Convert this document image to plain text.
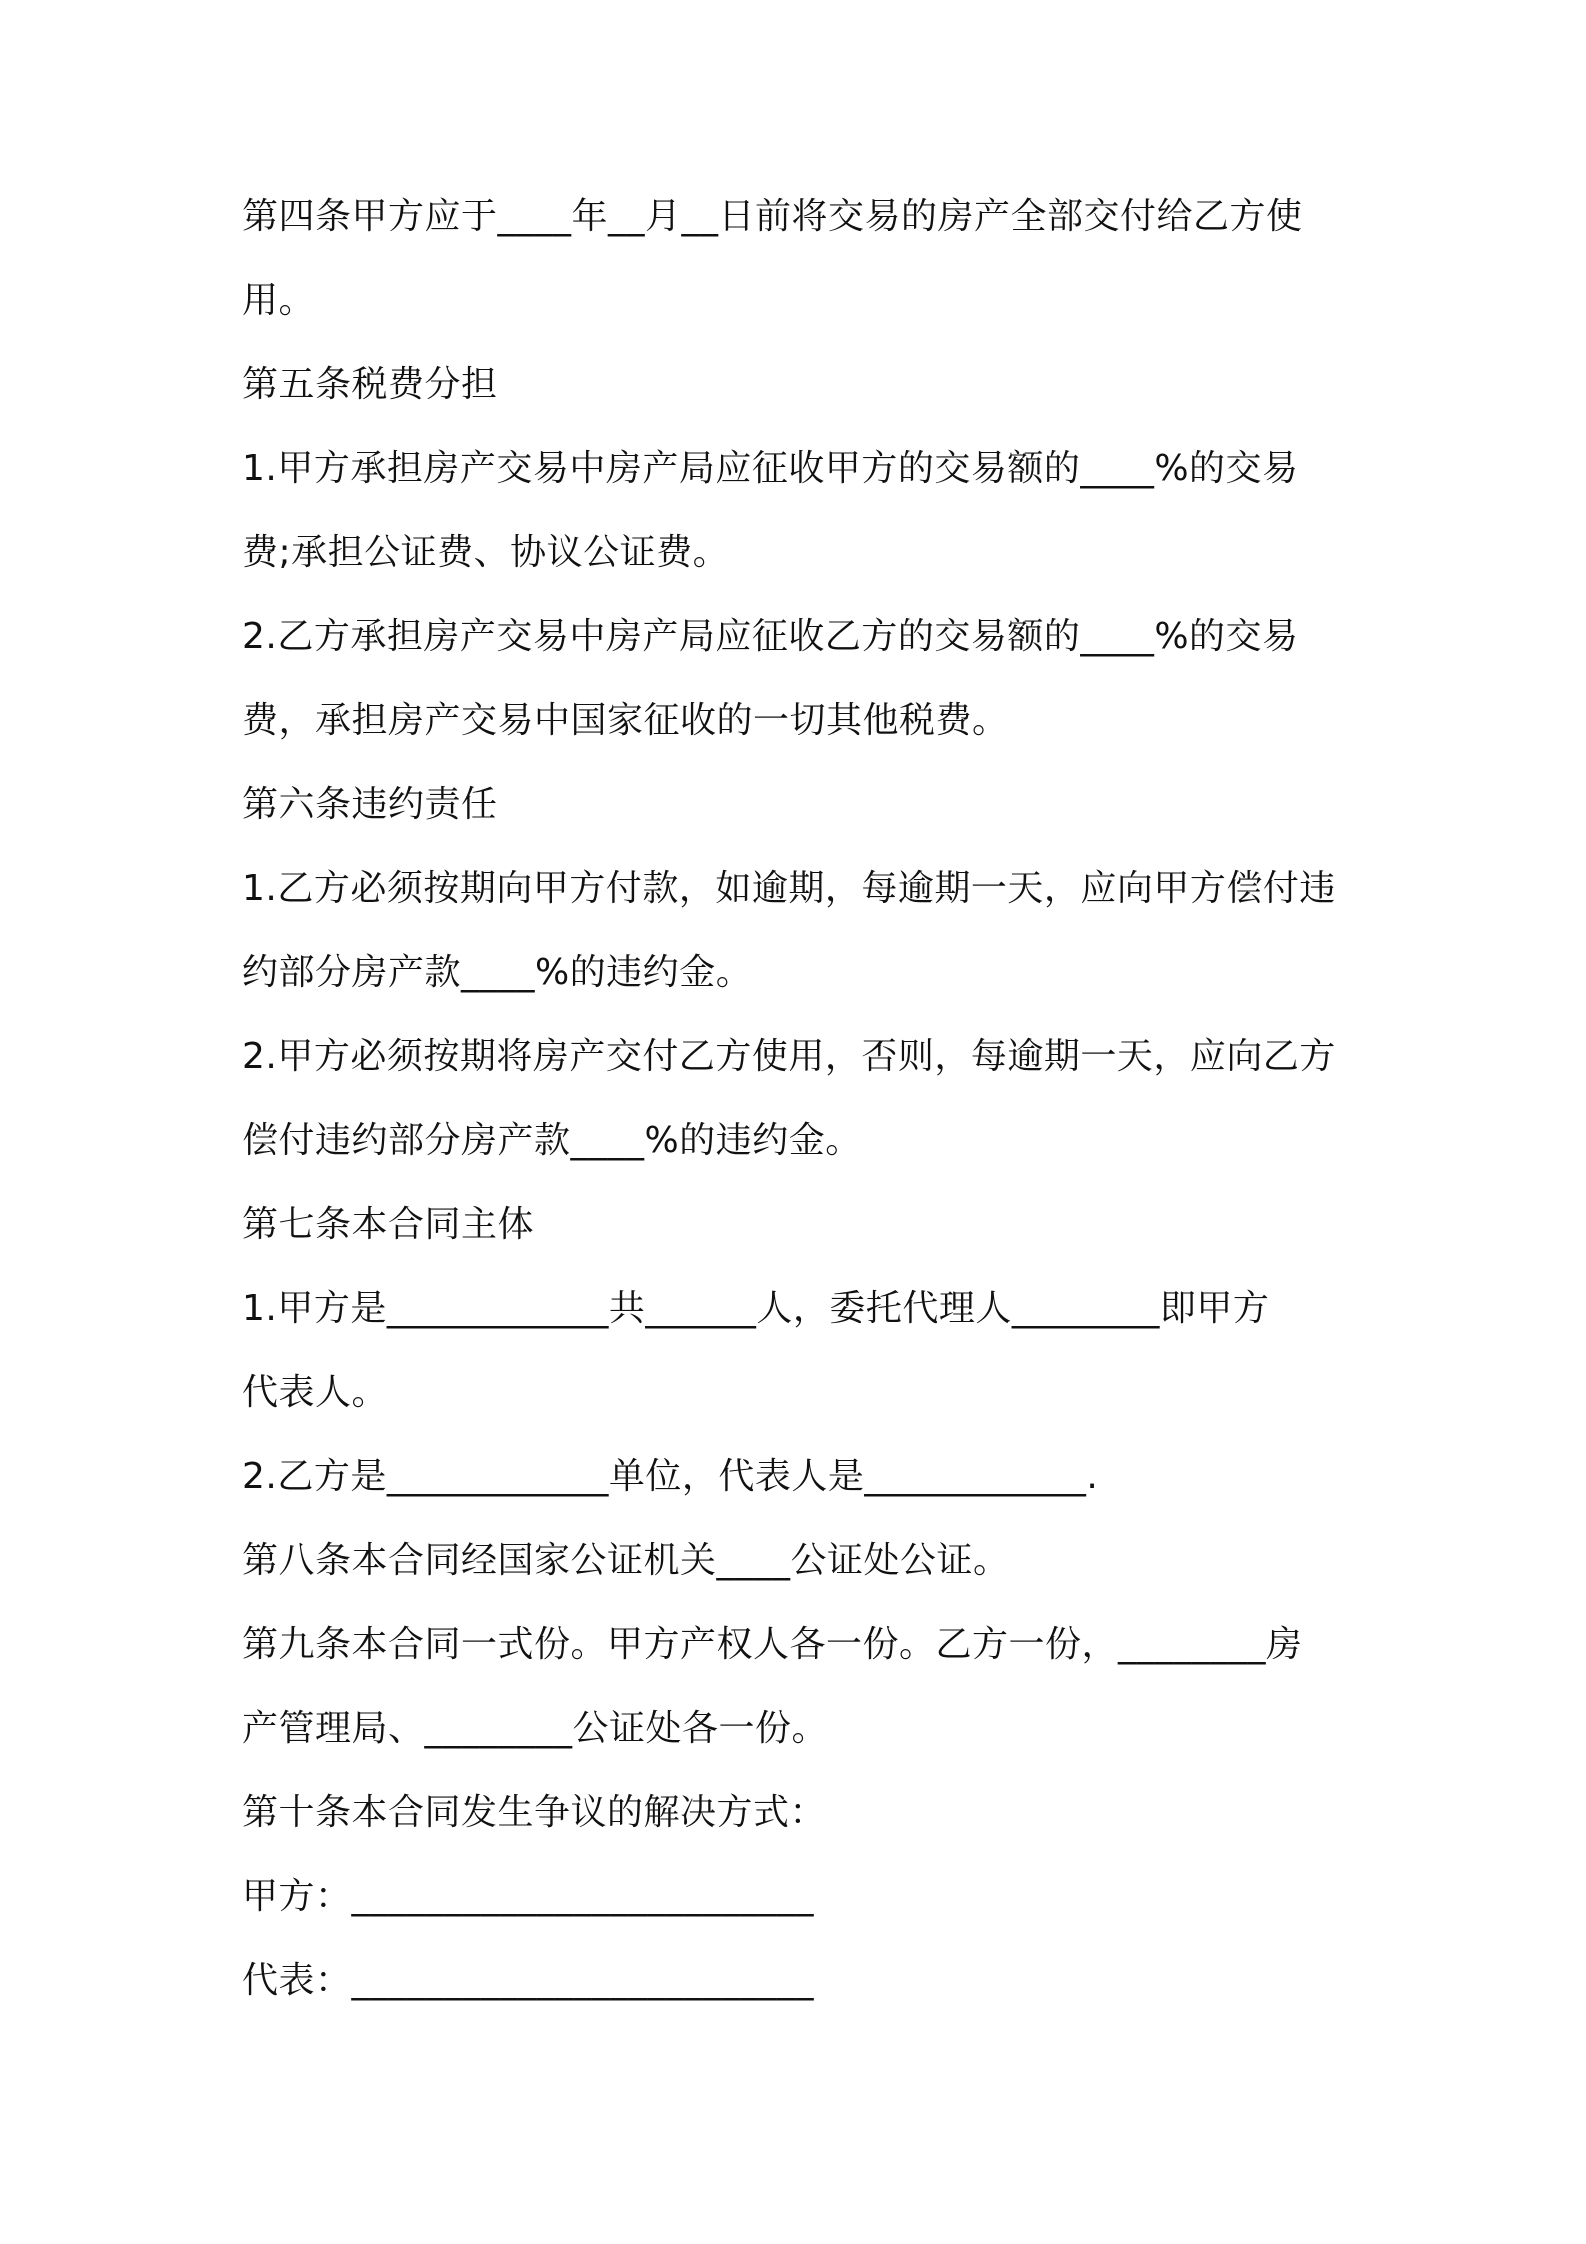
第四条甲方应于____年__月__日前将交易的房产全部交付给乙方使
用。
第五条税费分担
1.甲方承担房产交易中房产局应征收甲方的交易额的____%的交易
费;承担公证费、协议公证费。
2.乙方承担房产交易中房产局应征收乙方的交易额的____%的交易
费，承担房产交易中国家征收的一切其他税费。
第六条违约责任
1.乙方必须按期向甲方付款，如逾期，每逾期一天，应向甲方偿付违
约部分房产款____%的违约金。
2.甲方必须按期将房产交付乙方使用，否则，每逾期一天，应向乙方
偿付违约部分房产款____%的违约金。
第七条本合同主体
1.甲方是____________共______人，委托代理人________即甲方
代表人。
2.乙方是____________单位，代表人是____________.
第八条本合同经国家公证机关____公证处公证。
第九条本合同一式份。甲方产权人各一份。乙方一份，________房
产管理局、________公证处各一份。
第十条本合同发生争议的解决方式：
甲方：_________________________
代表：_________________________
